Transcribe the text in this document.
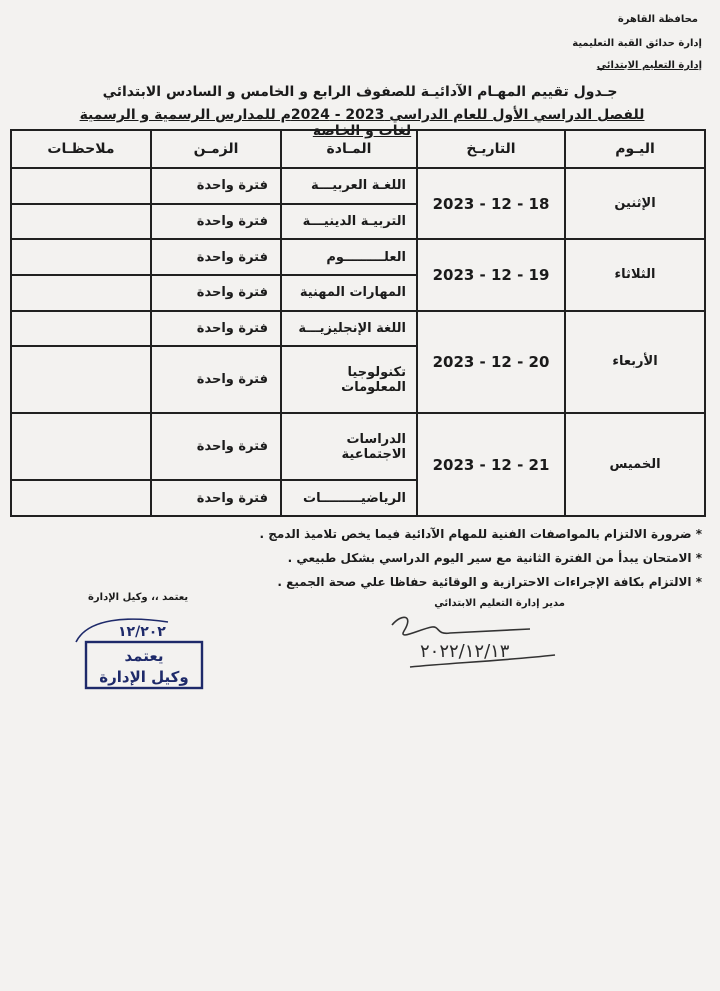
محافظة القاهرة
إدارة حدائق القبة التعليمية
إدارة التعليم الابتدائي
جـدول تقييم المهـام الآدائيـة للصفوف الرابع و الخامس و السادس الابتدائي
للفصل الدراسي الأول للعام الدراسي 2023 - 2024م للمدارس الرسمية و الرسمية لغات و الخاصة
اليـوم	التاريـخ	المـادة	الزمـن	ملاحظـات
الإثنين	2023 - 12 - 18	اللغـة العربيـــة	فترة واحدة	
		التربيـة الدينيـــة	فترة واحدة	
الثلاثاء	2023 - 12 - 19	العلـــــــــوم	فترة واحدة	
		المهارات المهنية	فترة واحدة	
الأربعاء	2023 - 12 - 20	اللغة الإنجليزيـــة	فترة واحدة	
		تكنولوجيا المعلومات	فترة واحدة	
الخميس	2023 - 12 - 21	الدراسات الاجتماعية	فترة واحدة	
		الرياضيـــــــــات	فترة واحدة	
* ضرورة الالتزام بالمواصفات الفنية للمهام الآدائية فيما يخص تلاميذ الدمج .
* الامتحان يبدأ من الفترة الثانية مع سير اليوم الدراسي بشكل طبيعي .
* الالتزام بكافة الإجراءات الاحترازية و الوقائية حفاظا علي صحة الجميع .
مدير إدارة التعليم الابتدائي
يعتمد ،، وكيل الإدارة
٢٠٢٢/١٢/١٣
١٢/٢٠٢
يعتمد
وكيل الإدارة
